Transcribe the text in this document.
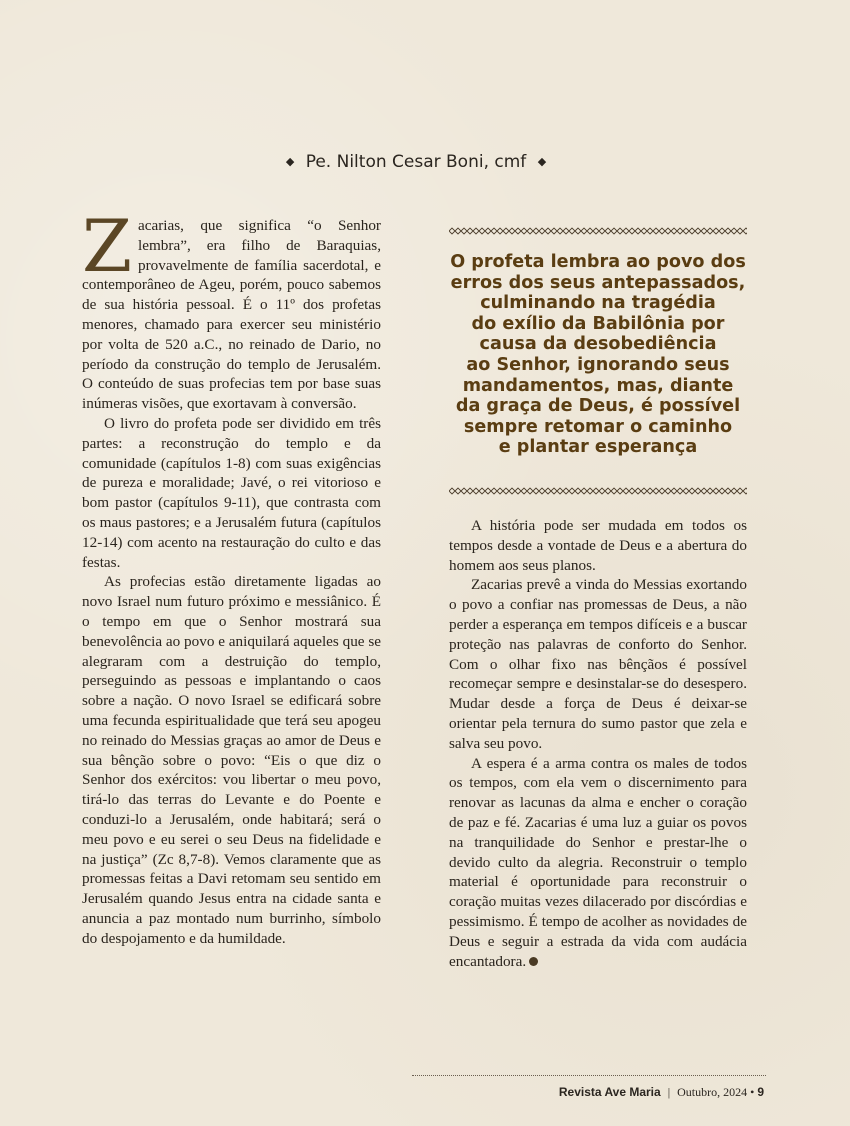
◆ Pe. Nilton Cesar Boni, cmf ◆

Zacarias, que significa “o Senhor lembra”, era filho de Baraquias, provavelmente de família sacerdotal, e contemporâneo de Ageu, porém, pouco sabemos de sua história pessoal. É o 11º dos profetas menores, chamado para exercer seu ministério por volta de 520 a.C., no reinado de Dario, no período da construção do templo de Jerusalém. O conteúdo de suas profecias tem por base suas inúmeras visões, que exortavam à conversão.

O livro do profeta pode ser dividido em três partes: a reconstrução do templo e da comunidade (capítulos 1-8) com suas exigências de pureza e moralidade; Javé, o rei vitorioso e bom pastor (capítulos 9-11), que contrasta com os maus pastores; e a Jerusalém futura (capítulos 12-14) com acento na restauração do culto e das festas.

As profecias estão diretamente ligadas ao novo Israel num futuro próximo e messiânico. É o tempo em que o Senhor mostrará sua benevolência ao povo e aniquilará aqueles que se alegraram com a destruição do templo, perseguindo as pessoas e implantando o caos sobre a nação. O novo Israel se edificará sobre uma fecunda espiritualidade que terá seu apogeu no reinado do Messias graças ao amor de Deus e sua bênção sobre o povo: “Eis o que diz o Senhor dos exércitos: vou libertar o meu povo, tirá-lo das terras do Levante e do Poente e conduzi-lo a Jerusalém, onde habitará; será o meu povo e eu serei o seu Deus na fidelidade e na justiça” (Zc 8,7-8). Vemos claramente que as promessas feitas a Davi retomam seu sentido em Jerusalém quando Jesus entra na cidade santa e anuncia a paz montado num burrinho, símbolo do despojamento e da humildade.

O profeta lembra ao povo dos
erros dos seus antepassados,
culminando na tragédia
do exílio da Babilônia por
causa da desobediência
ao Senhor, ignorando seus
mandamentos, mas, diante
da graça de Deus, é possível
sempre retomar o caminho
e plantar esperança

A história pode ser mudada em todos os tempos desde a vontade de Deus e a abertura do homem aos seus planos.

Zacarias prevê a vinda do Messias exortando o povo a confiar nas promessas de Deus, a não perder a esperança em tempos difíceis e a buscar proteção nas palavras de conforto do Senhor. Com o olhar fixo nas bênçãos é possível recomeçar sempre e desinstalar-se do desespero. Mudar desde a força de Deus é deixar-se orientar pela ternura do sumo pastor que zela e salva seu povo.

A espera é a arma contra os males de todos os tempos, com ela vem o discernimento para renovar as lacunas da alma e encher o coração de paz e fé. Zacarias é uma luz a guiar os povos na tranquilidade do Senhor e prestar-lhe o devido culto da alegria. Reconstruir o templo material é oportunidade para reconstruir o coração muitas vezes dilacerado por discórdias e pessimismo. É tempo de acolher as novidades de Deus e seguir a estrada da vida com audácia encantadora.

Revista Ave Maria | Outubro, 2024 • 9
